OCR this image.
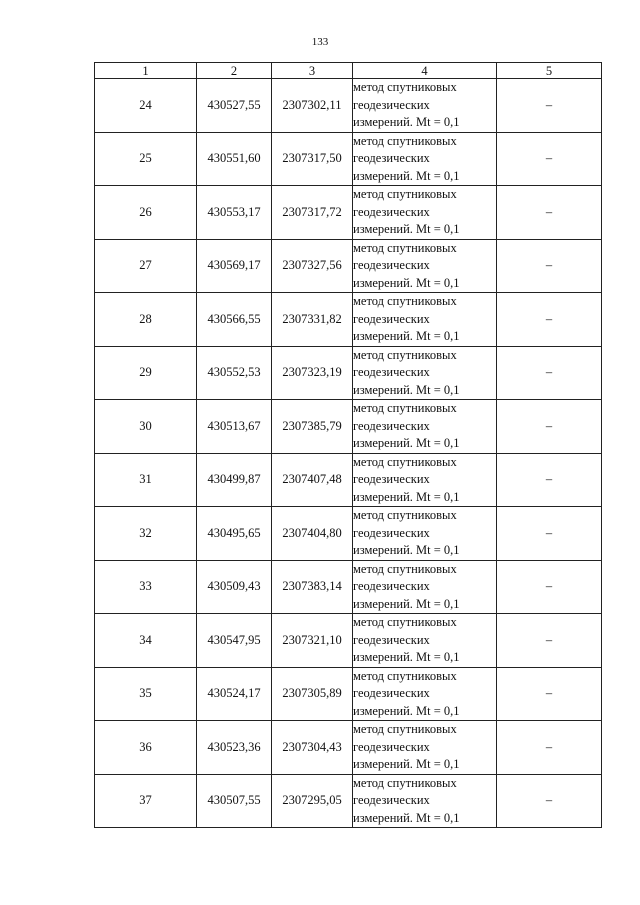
133
1	2	3	4	5
24	430527,55	2307302,11	метод спутниковых
геодезических
измерений. Mt = 0,1	–
25	430551,60	2307317,50	метод спутниковых
геодезических
измерений. Mt = 0,1	–
26	430553,17	2307317,72	метод спутниковых
геодезических
измерений. Mt = 0,1	–
27	430569,17	2307327,56	метод спутниковых
геодезических
измерений. Mt = 0,1	–
28	430566,55	2307331,82	метод спутниковых
геодезических
измерений. Mt = 0,1	–
29	430552,53	2307323,19	метод спутниковых
геодезических
измерений. Mt = 0,1	–
30	430513,67	2307385,79	метод спутниковых
геодезических
измерений. Mt = 0,1	–
31	430499,87	2307407,48	метод спутниковых
геодезических
измерений. Mt = 0,1	–
32	430495,65	2307404,80	метод спутниковых
геодезических
измерений. Mt = 0,1	–
33	430509,43	2307383,14	метод спутниковых
геодезических
измерений. Mt = 0,1	–
34	430547,95	2307321,10	метод спутниковых
геодезических
измерений. Mt = 0,1	–
35	430524,17	2307305,89	метод спутниковых
геодезических
измерений. Mt = 0,1	–
36	430523,36	2307304,43	метод спутниковых
геодезических
измерений. Mt = 0,1	–
37	430507,55	2307295,05	метод спутниковых
геодезических
измерений. Mt = 0,1	–
